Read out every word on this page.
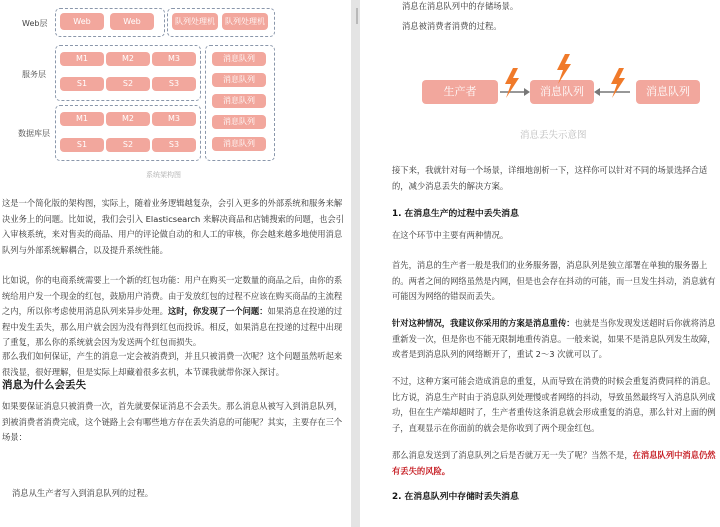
Web层
服务层
数据库层
Web	Web	队列处理机	队列处理机
M1	M2	M3
S1	S2	S3
M1	M2	M3
S1	S2	S3
消息队列
消息队列
消息队列
消息队列
消息队列
系统架构图

这是一个简化版的架构图，实际上，随着业务逻辑越复杂，会引入更多的外部系统和服务来解决业务上的问题。比如说，我们会引入 Elasticsearch 来解决商品和店铺搜索的问题，也会引入审核系统，来对售卖的商品、用户的评论做自动的和人工的审核，你会越来越多地使用消息队列与外部系统解耦合，以及提升系统性能。

比如说，你的电商系统需要上一个新的红包功能：用户在购买一定数量的商品之后，由你的系统给用户发一个现金的红包，鼓励用户消费。由于发放红包的过程不应该在购买商品的主流程之内，所以你考虑使用消息队列来异步处理。这时，你发现了一个问题：如果消息在投递的过程中发生丢失，那么用户就会因为没有得到红包而投诉。相反，如果消息在投递的过程中出现了重复，那么你的系统就会因为发送两个红包而损失。

那么我们如何保证，产生的消息一定会被消费到，并且只被消费一次呢？这个问题虽然听起来很浅显，很好理解，但是实际上却藏着很多玄机，本节课我就带你深入探讨。

消息为什么会丢失

如果要保证消息只被消费一次，首先就要保证消息不会丢失。那么消息从被写入到消息队列，到被消费者消费完成，这个链路上会有哪些地方存在丢失消息的可能呢？其实，主要存在三个场景：

消息从生产者写入到消息队列的过程。
消息在消息队列中的存储场景。
消息被消费者消费的过程。
生产者	消息队列	消息队列
消息丢失示意图

接下来，我就针对每一个场景，详细地剖析一下，这样你可以针对不同的场景选择合适的，减少消息丢失的解决方案。

1. 在消息生产的过程中丢失消息

在这个环节中主要有两种情况。

首先，消息的生产者一般是我们的业务服务器，消息队列是独立部署在单独的服务器上的。两者之间的网络虽然是内网，但是也会存在抖动的可能，而一旦发生抖动，消息就有可能因为网络的错误而丢失。

针对这种情况，我建议你采用的方案是消息重传：也就是当你发现发送超时后你就将消息重新发一次，但是你也不能无限制地重传消息。一般来说，如果不是消息队列发生故障，或者是到消息队列的网络断开了，重试 2～3 次就可以了。

不过，这种方案可能会造成消息的重复，从而导致在消费的时候会重复消费同样的消息。比方说，消息生产时由于消息队列处理慢或者网络的抖动，导致虽然最终写入消息队列成功，但在生产端却超时了，生产者重传这条消息就会形成重复的消息，那么针对上面的例子，直观显示在你面前的就会是你收到了两个现金红包。

那么消息发送到了消息队列之后是否就万无一失了呢？当然不是，在消息队列中消息仍然有丢失的风险。

2. 在消息队列中存储时丢失消息
